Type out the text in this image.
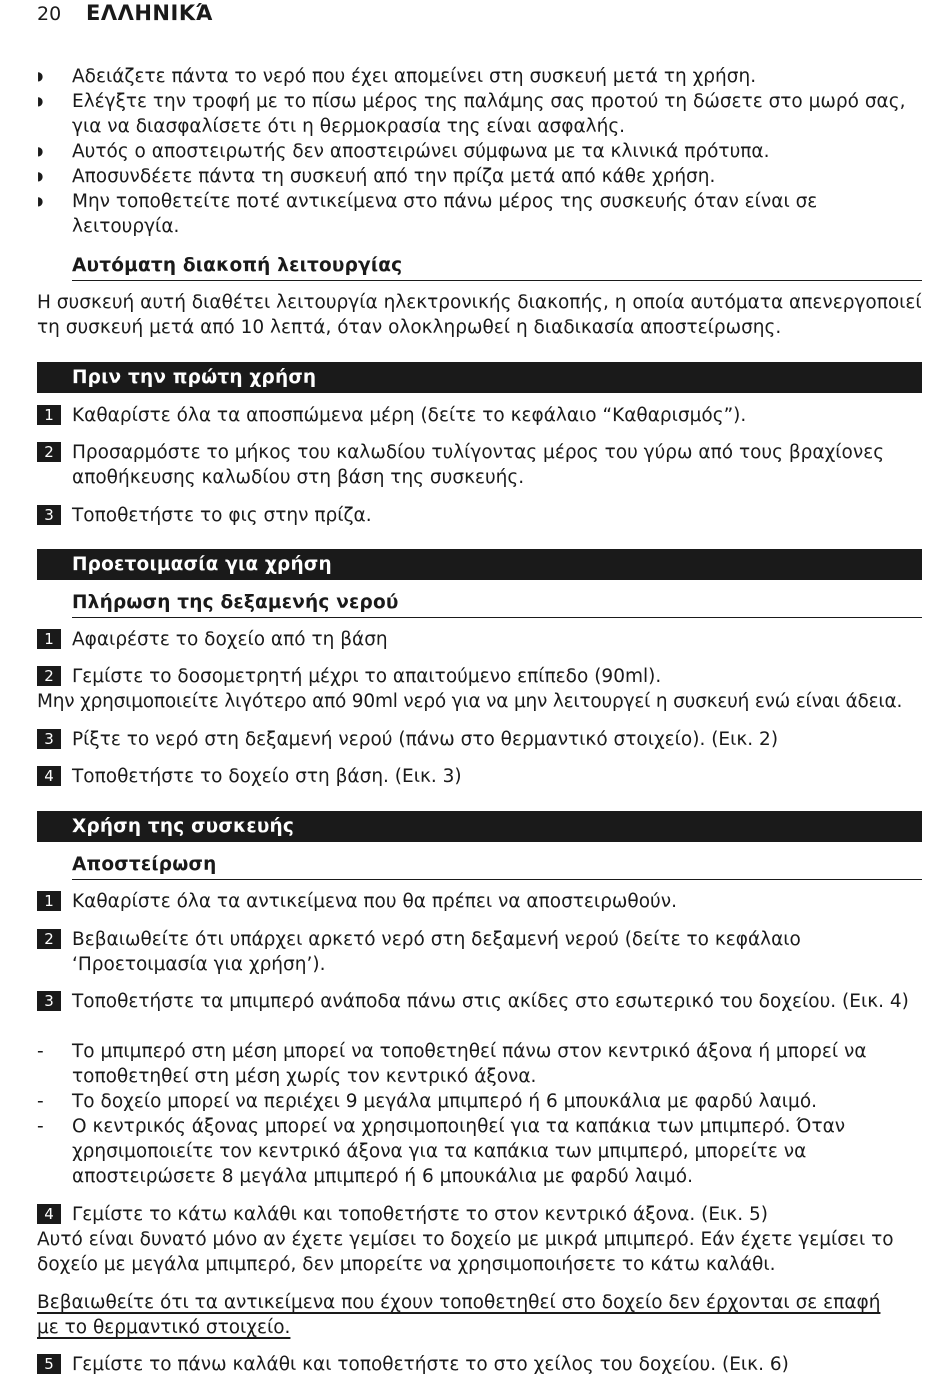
20 ΕΛΛΗΝΙΚΆ
◗ Αδειάζετε πάντα το νερό που έχει απομείνει στη συσκευή μετά τη χρήση.
◗ Ελέγξτε την τροφή με το πίσω μέρος της παλάμης σας προτού τη δώσετε στο μωρό σας, για να διασφαλίσετε ότι η θερμοκρασία της είναι ασφαλής.
◗ Αυτός ο αποστειρωτής δεν αποστειρώνει σύμφωνα με τα κλινικά πρότυπα.
◗ Αποσυνδέετε πάντα τη συσκευή από την πρίζα μετά από κάθε χρήση.
◗ Μην τοποθετείτε ποτέ αντικείμενα στο πάνω μέρος της συσκευής όταν είναι σε λειτουργία.
Αυτόματη διακοπή λειτουργίας
Η συσκευή αυτή διαθέτει λειτουργία ηλεκτρονικής διακοπής, η οποία αυτόματα απενεργοποιεί τη συσκευή μετά από 10 λεπτά, όταν ολοκληρωθεί η διαδικασία αποστείρωσης.
Πριν την πρώτη χρήση
1 Καθαρίστε όλα τα αποσπώμενα μέρη (δείτε το κεφάλαιο “Καθαρισμός”).
2 Προσαρμόστε το μήκος του καλωδίου τυλίγοντας μέρος του γύρω από τους βραχίονες αποθήκευσης καλωδίου στη βάση της συσκευής.
3 Τοποθετήστε το φις στην πρίζα.
Προετοιμασία για χρήση
Πλήρωση της δεξαμενής νερού
1 Αφαιρέστε το δοχείο από τη βάση
2 Γεμίστε το δοσομετρητή μέχρι το απαιτούμενο επίπεδο (90ml).
Μην χρησιμοποιείτε λιγότερο από 90ml νερό για να μην λειτουργεί η συσκευή ενώ είναι άδεια.
3 Ρίξτε το νερό στη δεξαμενή νερού (πάνω στο θερμαντικό στοιχείο). (Εικ. 2)
4 Τοποθετήστε το δοχείο στη βάση. (Εικ. 3)
Χρήση της συσκευής
Αποστείρωση
1 Καθαρίστε όλα τα αντικείμενα που θα πρέπει να αποστειρωθούν.
2 Βεβαιωθείτε ότι υπάρχει αρκετό νερό στη δεξαμενή νερού (δείτε το κεφάλαιο ‘Προετοιμασία για χρήση’).
3 Τοποθετήστε τα μπιμπερό ανάποδα πάνω στις ακίδες στο εσωτερικό του δοχείου. (Εικ. 4)
- Το μπιμπερό στη μέση μπορεί να τοποθετηθεί πάνω στον κεντρικό άξονα ή μπορεί να τοποθετηθεί στη μέση χωρίς τον κεντρικό άξονα.
- Το δοχείο μπορεί να περιέχει 9 μεγάλα μπιμπερό ή 6 μπουκάλια με φαρδύ λαιμό.
- Ο κεντρικός άξονας μπορεί να χρησιμοποιηθεί για τα καπάκια των μπιμπερό. Όταν χρησιμοποιείτε τον κεντρικό άξονα για τα καπάκια των μπιμπερό, μπορείτε να αποστειρώσετε 8 μεγάλα μπιμπερό ή 6 μπουκάλια με φαρδύ λαιμό.
4 Γεμίστε το κάτω καλάθι και τοποθετήστε το στον κεντρικό άξονα. (Εικ. 5)
Αυτό είναι δυνατό μόνο αν έχετε γεμίσει το δοχείο με μικρά μπιμπερό. Εάν έχετε γεμίσει το δοχείο με μεγάλα μπιμπερό, δεν μπορείτε να χρησιμοποιήσετε το κάτω καλάθι.
Βεβαιωθείτε ότι τα αντικείμενα που έχουν τοποθετηθεί στο δοχείο δεν έρχονται σε επαφή με το θερμαντικό στοιχείο.
5 Γεμίστε το πάνω καλάθι και τοποθετήστε το στο χείλος του δοχείου. (Εικ. 6)
